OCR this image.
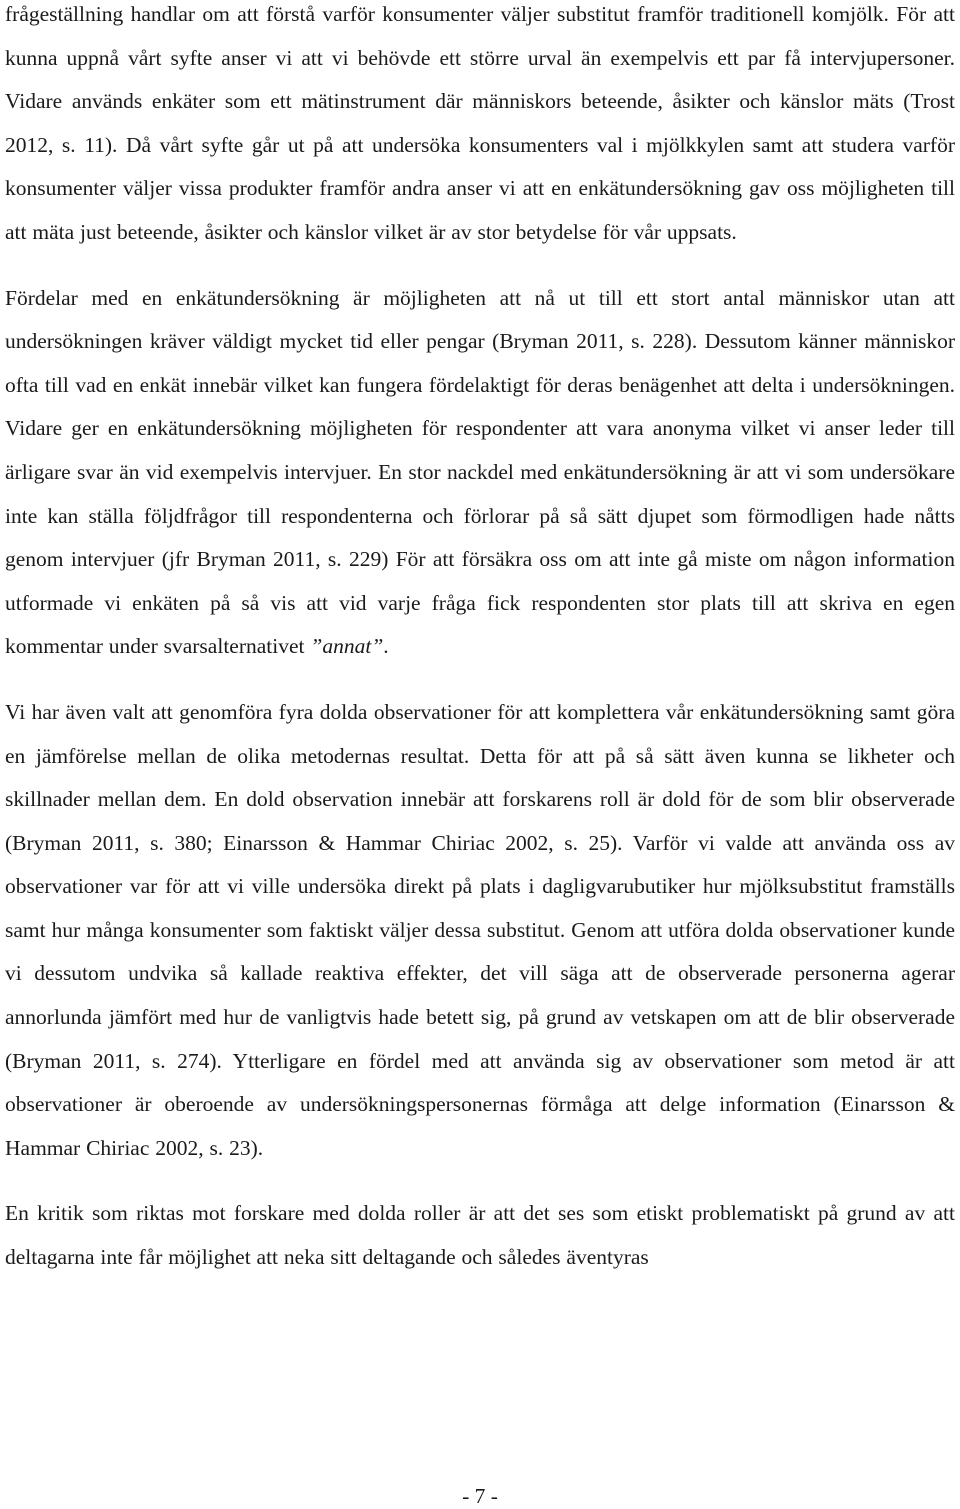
frågeställning handlar om att förstå varför konsumenter väljer substitut framför traditionell komjölk. För att kunna uppnå vårt syfte anser vi att vi behövde ett större urval än exempelvis ett par få intervjupersoner. Vidare används enkäter som ett mätinstrument där människors beteende, åsikter och känslor mäts (Trost 2012, s. 11). Då vårt syfte går ut på att undersöka konsumenters val i mjölkkylen samt att studera varför konsumenter väljer vissa produkter framför andra anser vi att en enkätundersökning gav oss möjligheten till att mäta just beteende, åsikter och känslor vilket är av stor betydelse för vår uppsats.

Fördelar med en enkätundersökning är möjligheten att nå ut till ett stort antal människor utan att undersökningen kräver väldigt mycket tid eller pengar (Bryman 2011, s. 228). Dessutom känner människor ofta till vad en enkät innebär vilket kan fungera fördelaktigt för deras benägenhet att delta i undersökningen. Vidare ger en enkätundersökning möjligheten för respondenter att vara anonyma vilket vi anser leder till ärligare svar än vid exempelvis intervjuer. En stor nackdel med enkätundersökning är att vi som undersökare inte kan ställa följdfrågor till respondenterna och förlorar på så sätt djupet som förmodligen hade nåtts genom intervjuer (jfr Bryman 2011, s. 229) För att försäkra oss om att inte gå miste om någon information utformade vi enkäten på så vis att vid varje fråga fick respondenten stor plats till att skriva en egen kommentar under svarsalternativet ”annat”.

Vi har även valt att genomföra fyra dolda observationer för att komplettera vår enkätundersökning samt göra en jämförelse mellan de olika metodernas resultat. Detta för att på så sätt även kunna se likheter och skillnader mellan dem. En dold observation innebär att forskarens roll är dold för de som blir observerade (Bryman 2011, s. 380; Einarsson & Hammar Chiriac 2002, s. 25). Varför vi valde att använda oss av observationer var för att vi ville undersöka direkt på plats i dagligvarubutiker hur mjölksubstitut framställs samt hur många konsumenter som faktiskt väljer dessa substitut. Genom att utföra dolda observationer kunde vi dessutom undvika så kallade reaktiva effekter, det vill säga att de observerade personerna agerar annorlunda jämfört med hur de vanligtvis hade betett sig, på grund av vetskapen om att de blir observerade (Bryman 2011, s. 274). Ytterligare en fördel med att använda sig av observationer som metod är att observationer är oberoende av undersökningspersonernas förmåga att delge information (Einarsson & Hammar Chiriac 2002, s. 23).

En kritik som riktas mot forskare med dolda roller är att det ses som etiskt problematiskt på grund av att deltagarna inte får möjlighet att neka sitt deltagande och således äventyras

- 7 -
